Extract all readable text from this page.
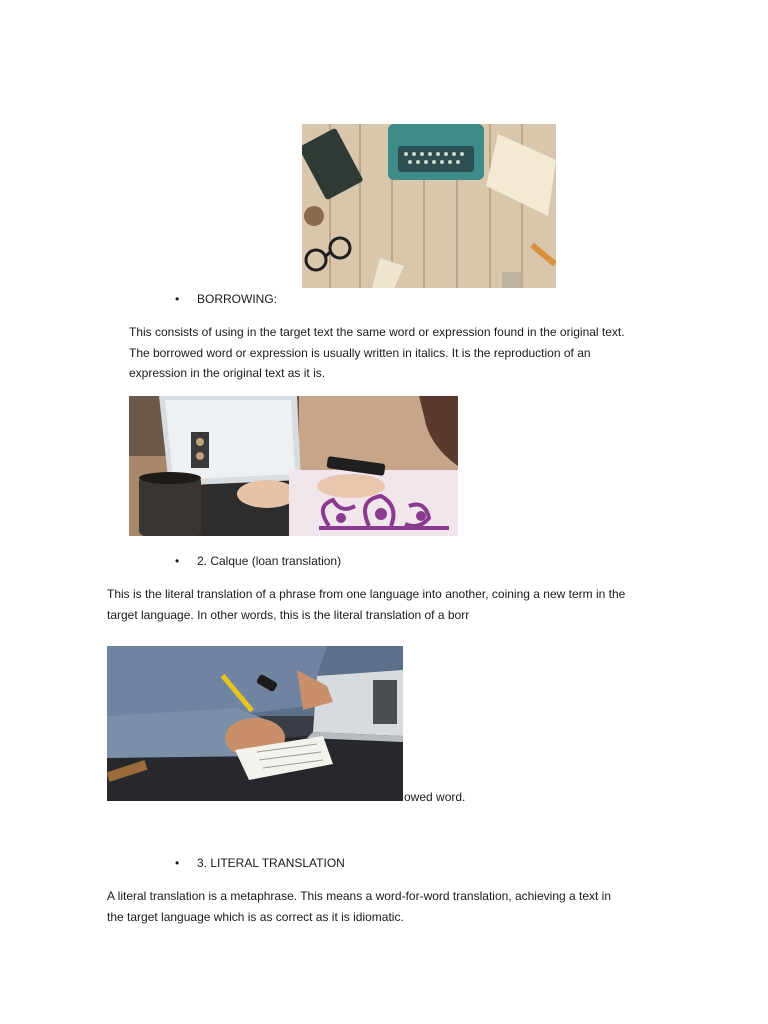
• BORROWING:
This consists of using in the target text the same word or expression found in the original text.
The borrowed word or expression is usually written in italics. It is the reproduction of an
expression in the original text as it is.
• 2. Calque (loan translation)
This is the literal translation of a phrase from one language into another, coining a new term in the
target language. In other words, this is the literal translation of a borr
owed word.
• 3. LITERAL TRANSLATION
A literal translation is a metaphrase. This means a word-for-word translation, achieving a text in
the target language which is as correct as it is idiomatic.
